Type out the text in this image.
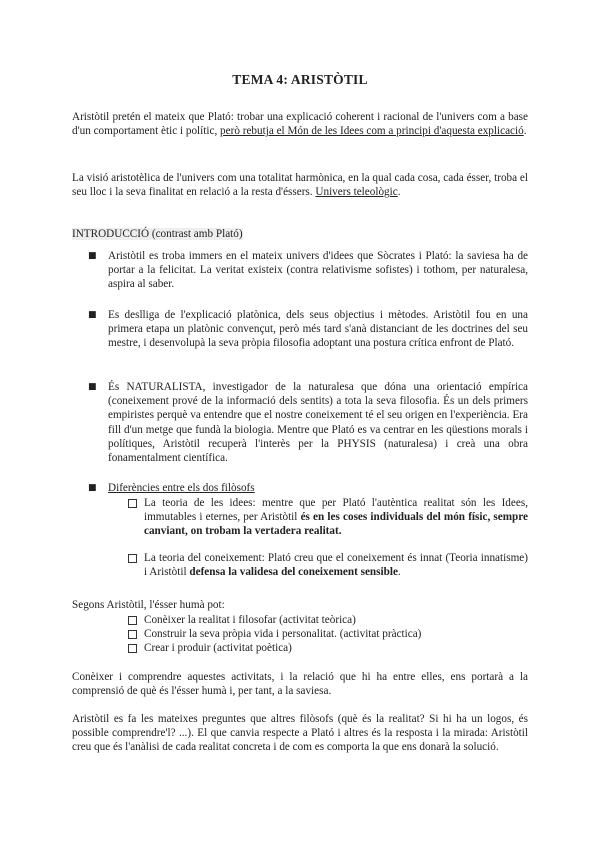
TEMA 4: ARISTÒTIL

Aristòtil pretén el mateix que Plató: trobar una explicació coherent i racional de l'univers com a base d'un comportament ètic i polític, però rebutja el Món de les Idees com a principi d'aquesta explicació.

La visió aristotèlica de l'univers com una totalitat harmònica, en la qual cada cosa, cada ésser, troba el seu lloc i la seva finalitat en relació a la resta d'éssers. Univers teleològic.

INTRODUCCIÓ (contrast amb Plató)
■ Aristòtil es troba immers en el mateix univers d'idees que Sòcrates i Plató: la saviesa ha de portar a la felicitat. La veritat existeix (contra relativisme sofistes) i tothom, per naturalesa, aspira al saber.

■ Es deslliga de l'explicació platònica, dels seus objectius i mètodes. Aristòtil fou en una primera etapa un platònic convençut, però més tard s'anà distanciant de les doctrines del seu mestre, i desenvolupà la seva pròpia filosofia adoptant una postura crítica enfront de Plató.

■ És NATURALISTA, investigador de la naturalesa que dóna una orientació empírica (coneixement prové de la informació dels sentits) a tota la seva filosofia. És un dels primers empiristes perquè va entendre que el nostre coneixement té el seu origen en l'experiència. Era fill d'un metge que fundà la biologia. Mentre que Plató es va centrar en les qüestions morals i polítiques, Aristòtil recuperà l'interès per la PHYSIS (naturalesa) i creà una obra fonamentalment científica.

■ Diferències entre els dos filòsofs

La teoria de les idees: mentre que per Plató l'autèntica realitat són les Idees, immutables i eternes, per Aristòtil és en les coses individuals del món físic, sempre canviant, on trobam la vertadera realitat.

La teoria del coneixement: Plató creu que el coneixement és innat (Teoria innatisme) i Aristòtil defensa la validesa del coneixement sensible.

Segons Aristòtil, l'ésser humà pot:
Conèixer la realitat i filosofar (activitat teòrica)
Construir la seva pròpia vida i personalitat. (activitat pràctica)
Crear i produir (activitat poètica)

Conèixer i comprendre aquestes activitats, i la relació que hi ha entre elles, ens portarà a la comprensió de què és l'ésser humà i, per tant, a la saviesa.

Aristòtil es fa les mateixes preguntes que altres filòsofs (què és la realitat? Si hi ha un logos, és possible comprendre'l? ...). El que canvia respecte a Plató i altres és la resposta i la mirada: Aristòtil creu que és l'anàlisi de cada realitat concreta i de com es comporta la que ens donarà la solució.
